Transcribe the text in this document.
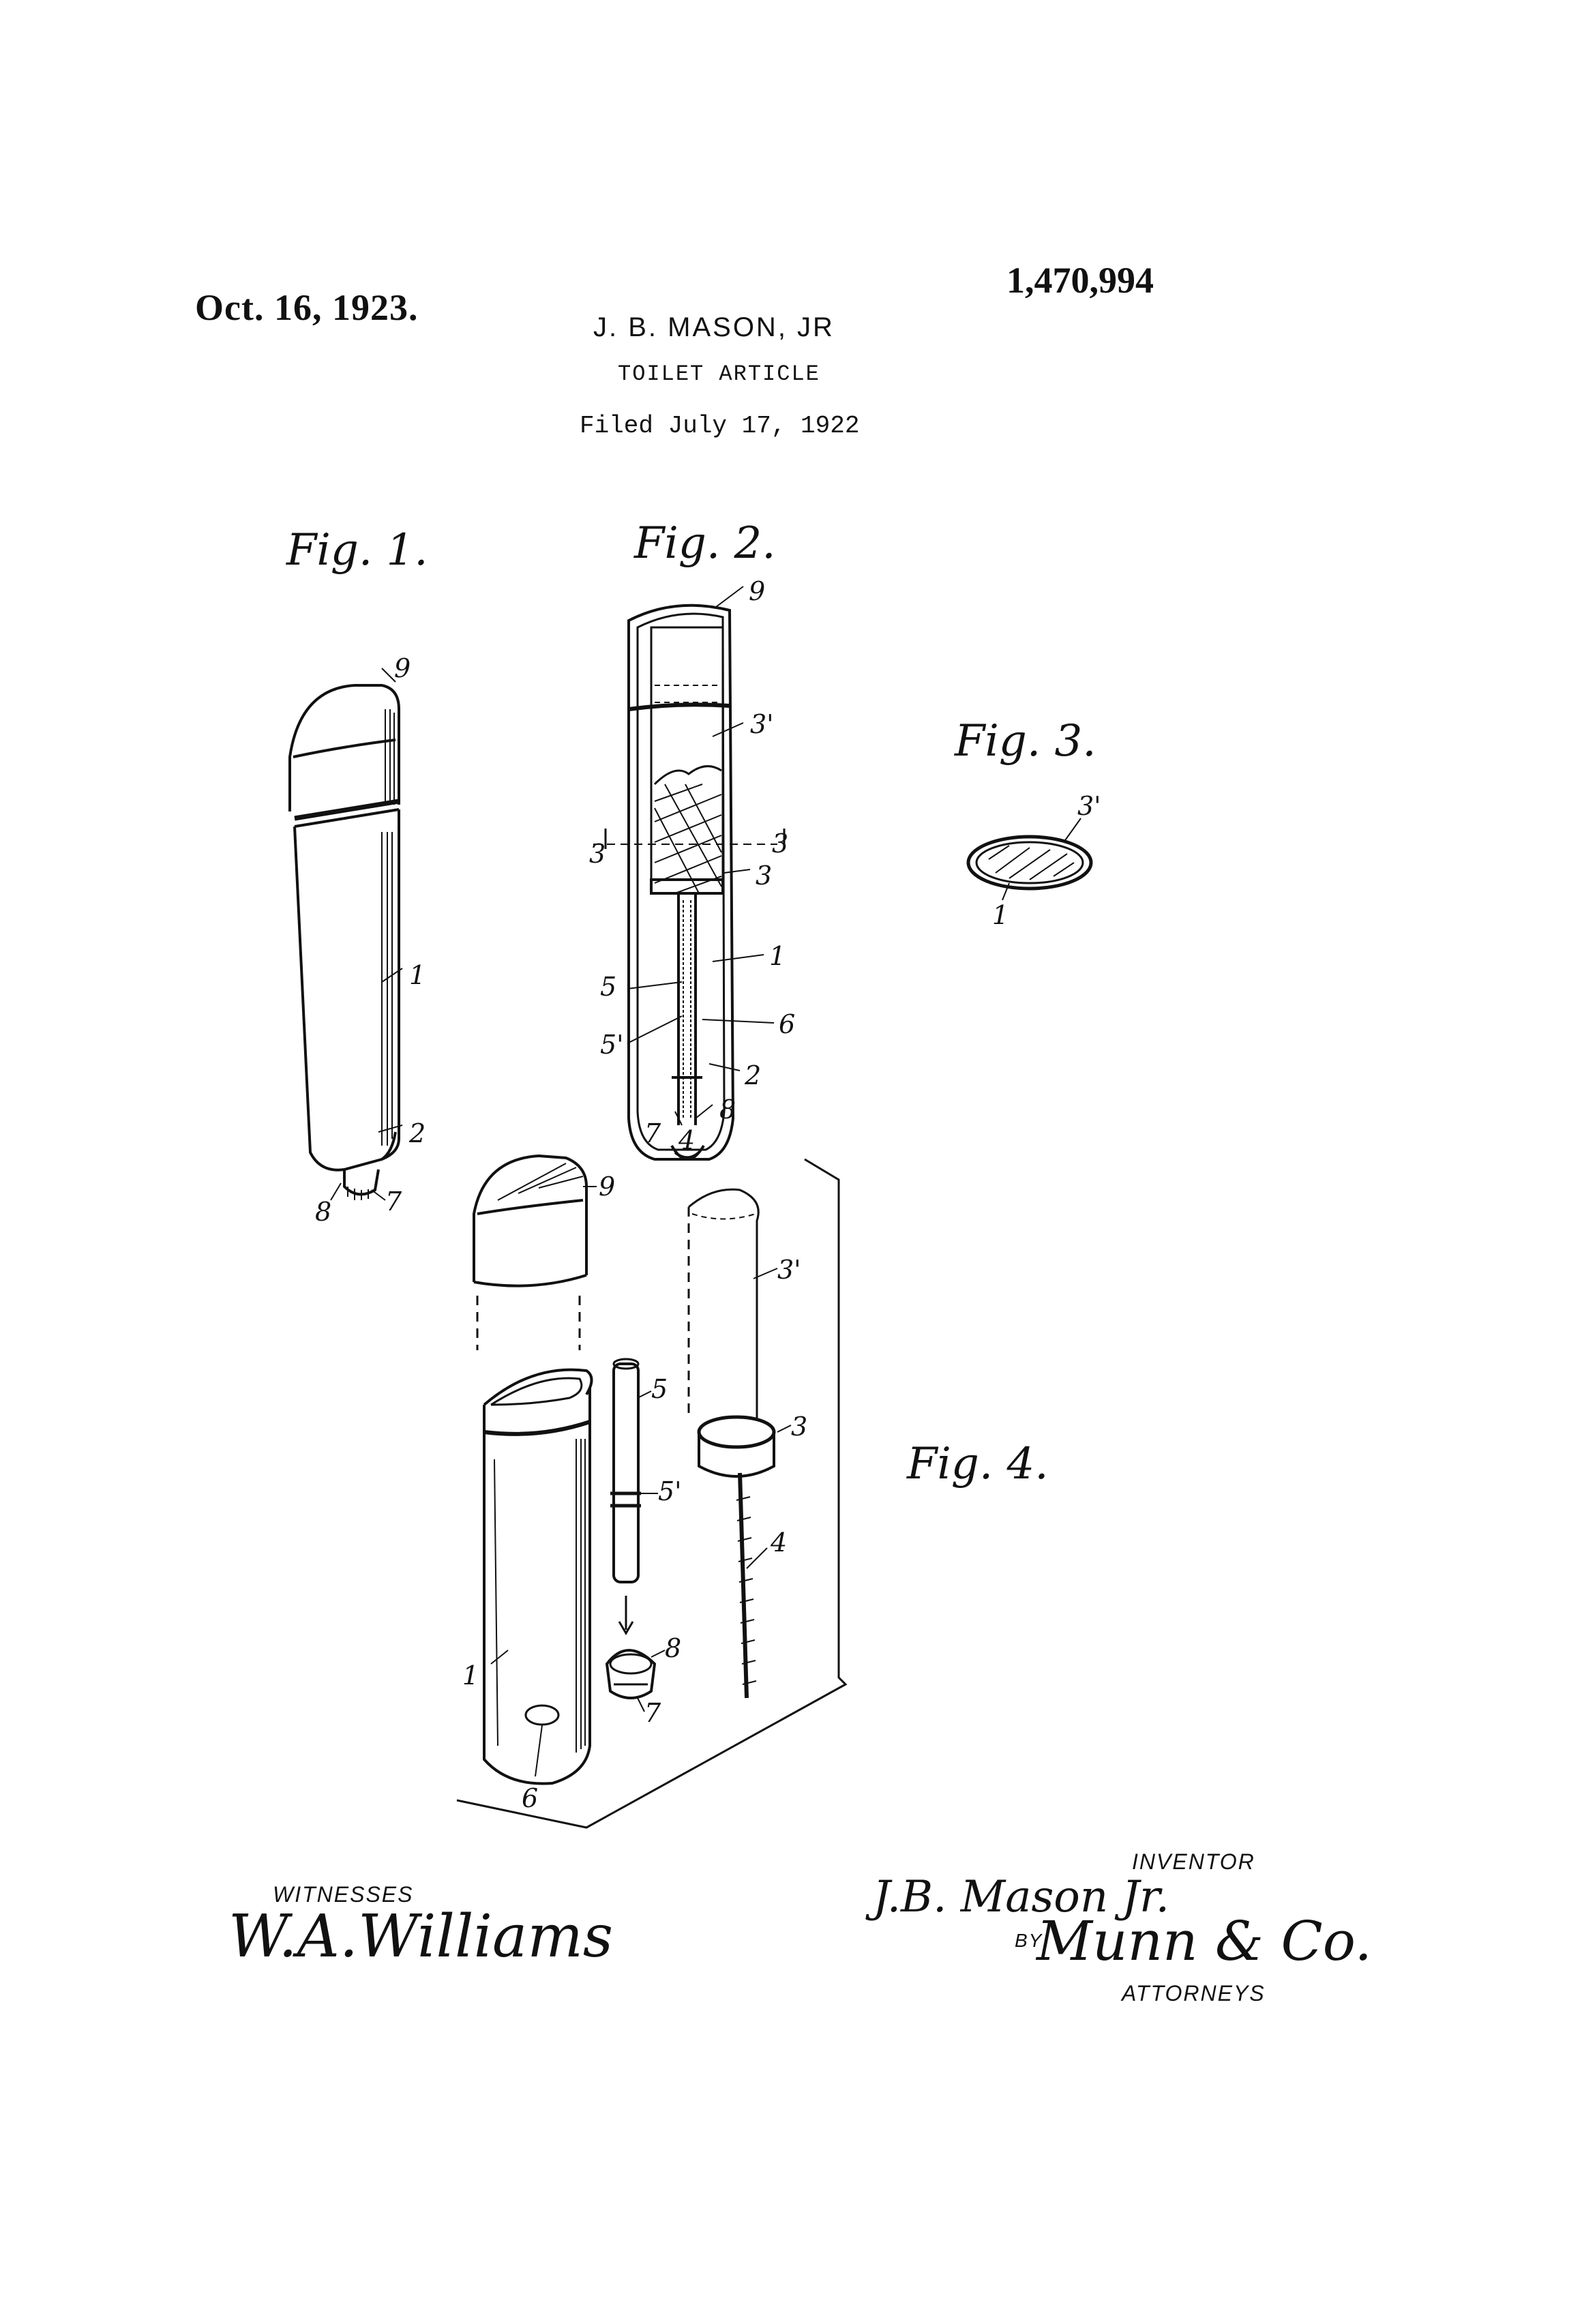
Oct. 16, 1923.
1,470,994
J. B. MASON, JR
TOILET ARTICLE
Filed July 17, 1922
Fig. 1.	Fig. 2.
Fig. 3.
Fig. 4.
9
1
2
8 7
9
3'
3	3
3
1
5
5'
6
2
7 4
8
3'
1
9
3'
3
5
5'
4
8
7
1
6
WITNESSES
W.A.Williams
INVENTOR
J.B. Mason Jr.
BY
Munn & Co.
ATTORNEYS
